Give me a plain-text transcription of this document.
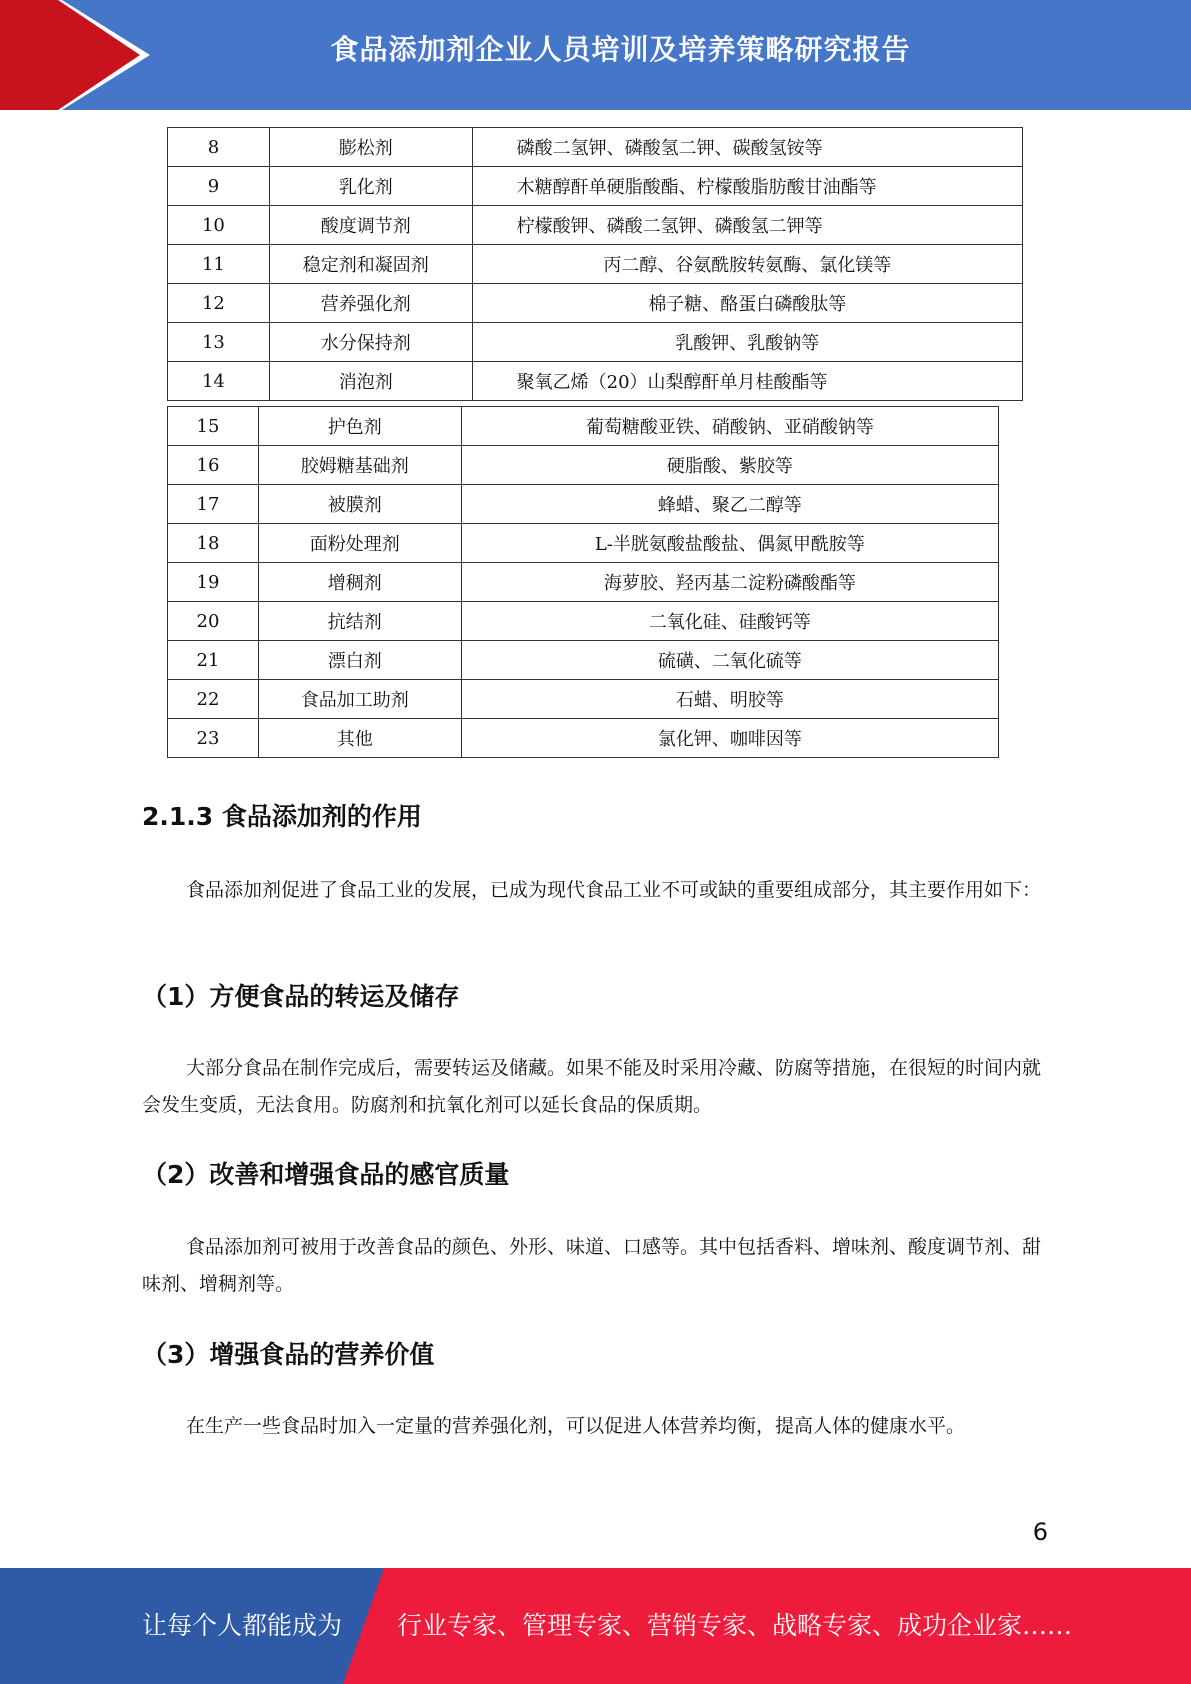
食品添加剂企业人员培训及培养策略研究报告
8	膨松剂	磷酸二氢钾、磷酸氢二钾、碳酸氢铵等
9	乳化剂	木糖醇酐单硬脂酸酯、柠檬酸脂肪酸甘油酯等
10	酸度调节剂	柠檬酸钾、磷酸二氢钾、磷酸氢二钾等
11	稳定剂和凝固剂	丙二醇、谷氨酰胺转氨酶、氯化镁等
12	营养强化剂	棉子糖、酪蛋白磷酸肽等
13	水分保持剂	乳酸钾、乳酸钠等
14	消泡剂	聚氧乙烯（20）山梨醇酐单月桂酸酯等
15	护色剂	葡萄糖酸亚铁、硝酸钠、亚硝酸钠等
16	胶姆糖基础剂	硬脂酸、紫胶等
17	被膜剂	蜂蜡、聚乙二醇等
18	面粉处理剂	L-半胱氨酸盐酸盐、偶氮甲酰胺等
19	增稠剂	海萝胶、羟丙基二淀粉磷酸酯等
20	抗结剂	二氧化硅、硅酸钙等
21	漂白剂	硫磺、二氧化硫等
22	食品加工助剂	石蜡、明胶等
23	其他	氯化钾、咖啡因等
2.1.3 食品添加剂的作用

食品添加剂促进了食品工业的发展，已成为现代食品工业不可或缺的重要组成部分，其主要作用如下：

（1）方便食品的转运及储存

大部分食品在制作完成后，需要转运及储藏。如果不能及时采用冷藏、防腐等措施，在很短的时间内就会发生变质，无法食用。防腐剂和抗氧化剂可以延长食品的保质期。

（2）改善和增强食品的感官质量

食品添加剂可被用于改善食品的颜色、外形、味道、口感等。其中包括香料、增味剂、酸度调节剂、甜味剂、增稠剂等。

（3）增强食品的营养价值

在生产一些食品时加入一定量的营养强化剂，可以促进人体营养均衡，提高人体的健康水平。

6
让每个人都能成为 行业专家、管理专家、营销专家、战略专家、成功企业家……
